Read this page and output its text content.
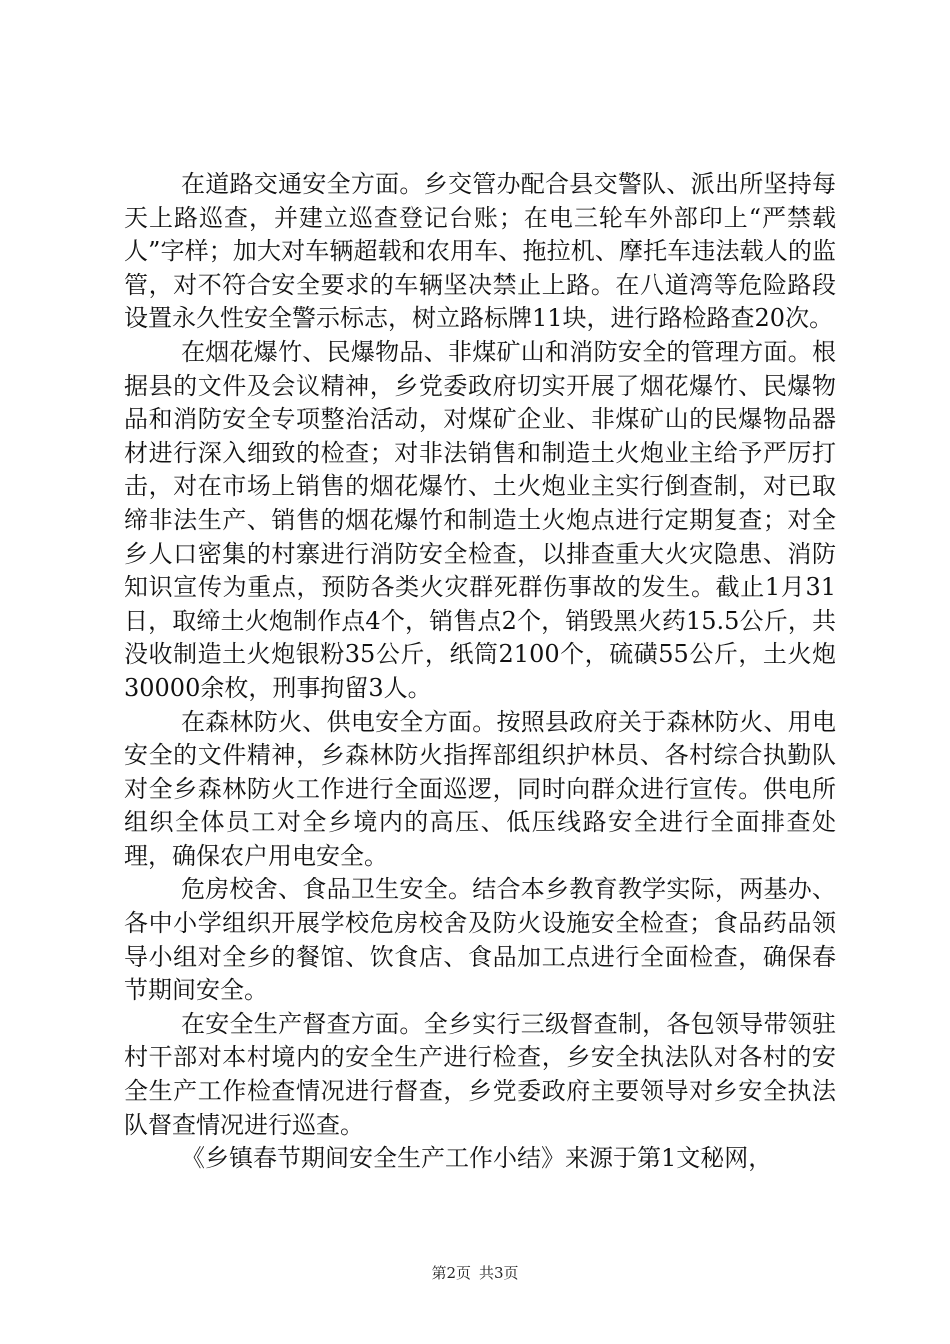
在道路交通安全方面。乡交管办配合县交警队、派出所坚持每天上路巡查，并建立巡查登记台账；在电三轮车外部印上“严禁载人”字样；加大对车辆超载和农用车、拖拉机、摩托车违法载人的监管，对不符合安全要求的车辆坚决禁止上路。在八道湾等危险路段设置永久性安全警示标志，树立路标牌11块，进行路检路查20次。

在烟花爆竹、民爆物品、非煤矿山和消防安全的管理方面。根据县的文件及会议精神，乡党委政府切实开展了烟花爆竹、民爆物品和消防安全专项整治活动，对煤矿企业、非煤矿山的民爆物品器材进行深入细致的检查；对非法销售和制造土火炮业主给予严厉打击，对在市场上销售的烟花爆竹、土火炮业主实行倒查制，对已取缔非法生产、销售的烟花爆竹和制造土火炮点进行定期复查；对全乡人口密集的村寨进行消防安全检查，以排查重大火灾隐患、消防知识宣传为重点，预防各类火灾群死群伤事故的发生。截止1月31日，取缔土火炮制作点4个，销售点2个，销毁黑火药15.5公斤，共没收制造土火炮银粉35公斤，纸筒2100个，硫磺55公斤，土火炮30000余枚，刑事拘留3人。

在森林防火、供电安全方面。按照县政府关于森林防火、用电安全的文件精神，乡森林防火指挥部组织护林员、各村综合执勤队对全乡森林防火工作进行全面巡逻，同时向群众进行宣传。供电所组织全体员工对全乡境内的高压、低压线路安全进行全面排查处理，确保农户用电安全。

危房校舍、食品卫生安全。结合本乡教育教学实际，两基办、各中小学组织开展学校危房校舍及防火设施安全检查；食品药品领导小组对全乡的餐馆、饮食店、食品加工点进行全面检查，确保春节期间安全。

在安全生产督查方面。全乡实行三级督查制，各包领导带领驻村干部对本村境内的安全生产进行检查，乡安全执法队对各村的安全生产工作检查情况进行督查，乡党委政府主要领导对乡安全执法队督查情况进行巡查。

《乡镇春节期间安全生产工作小结》来源于第1文秘网，

第2页 共3页
